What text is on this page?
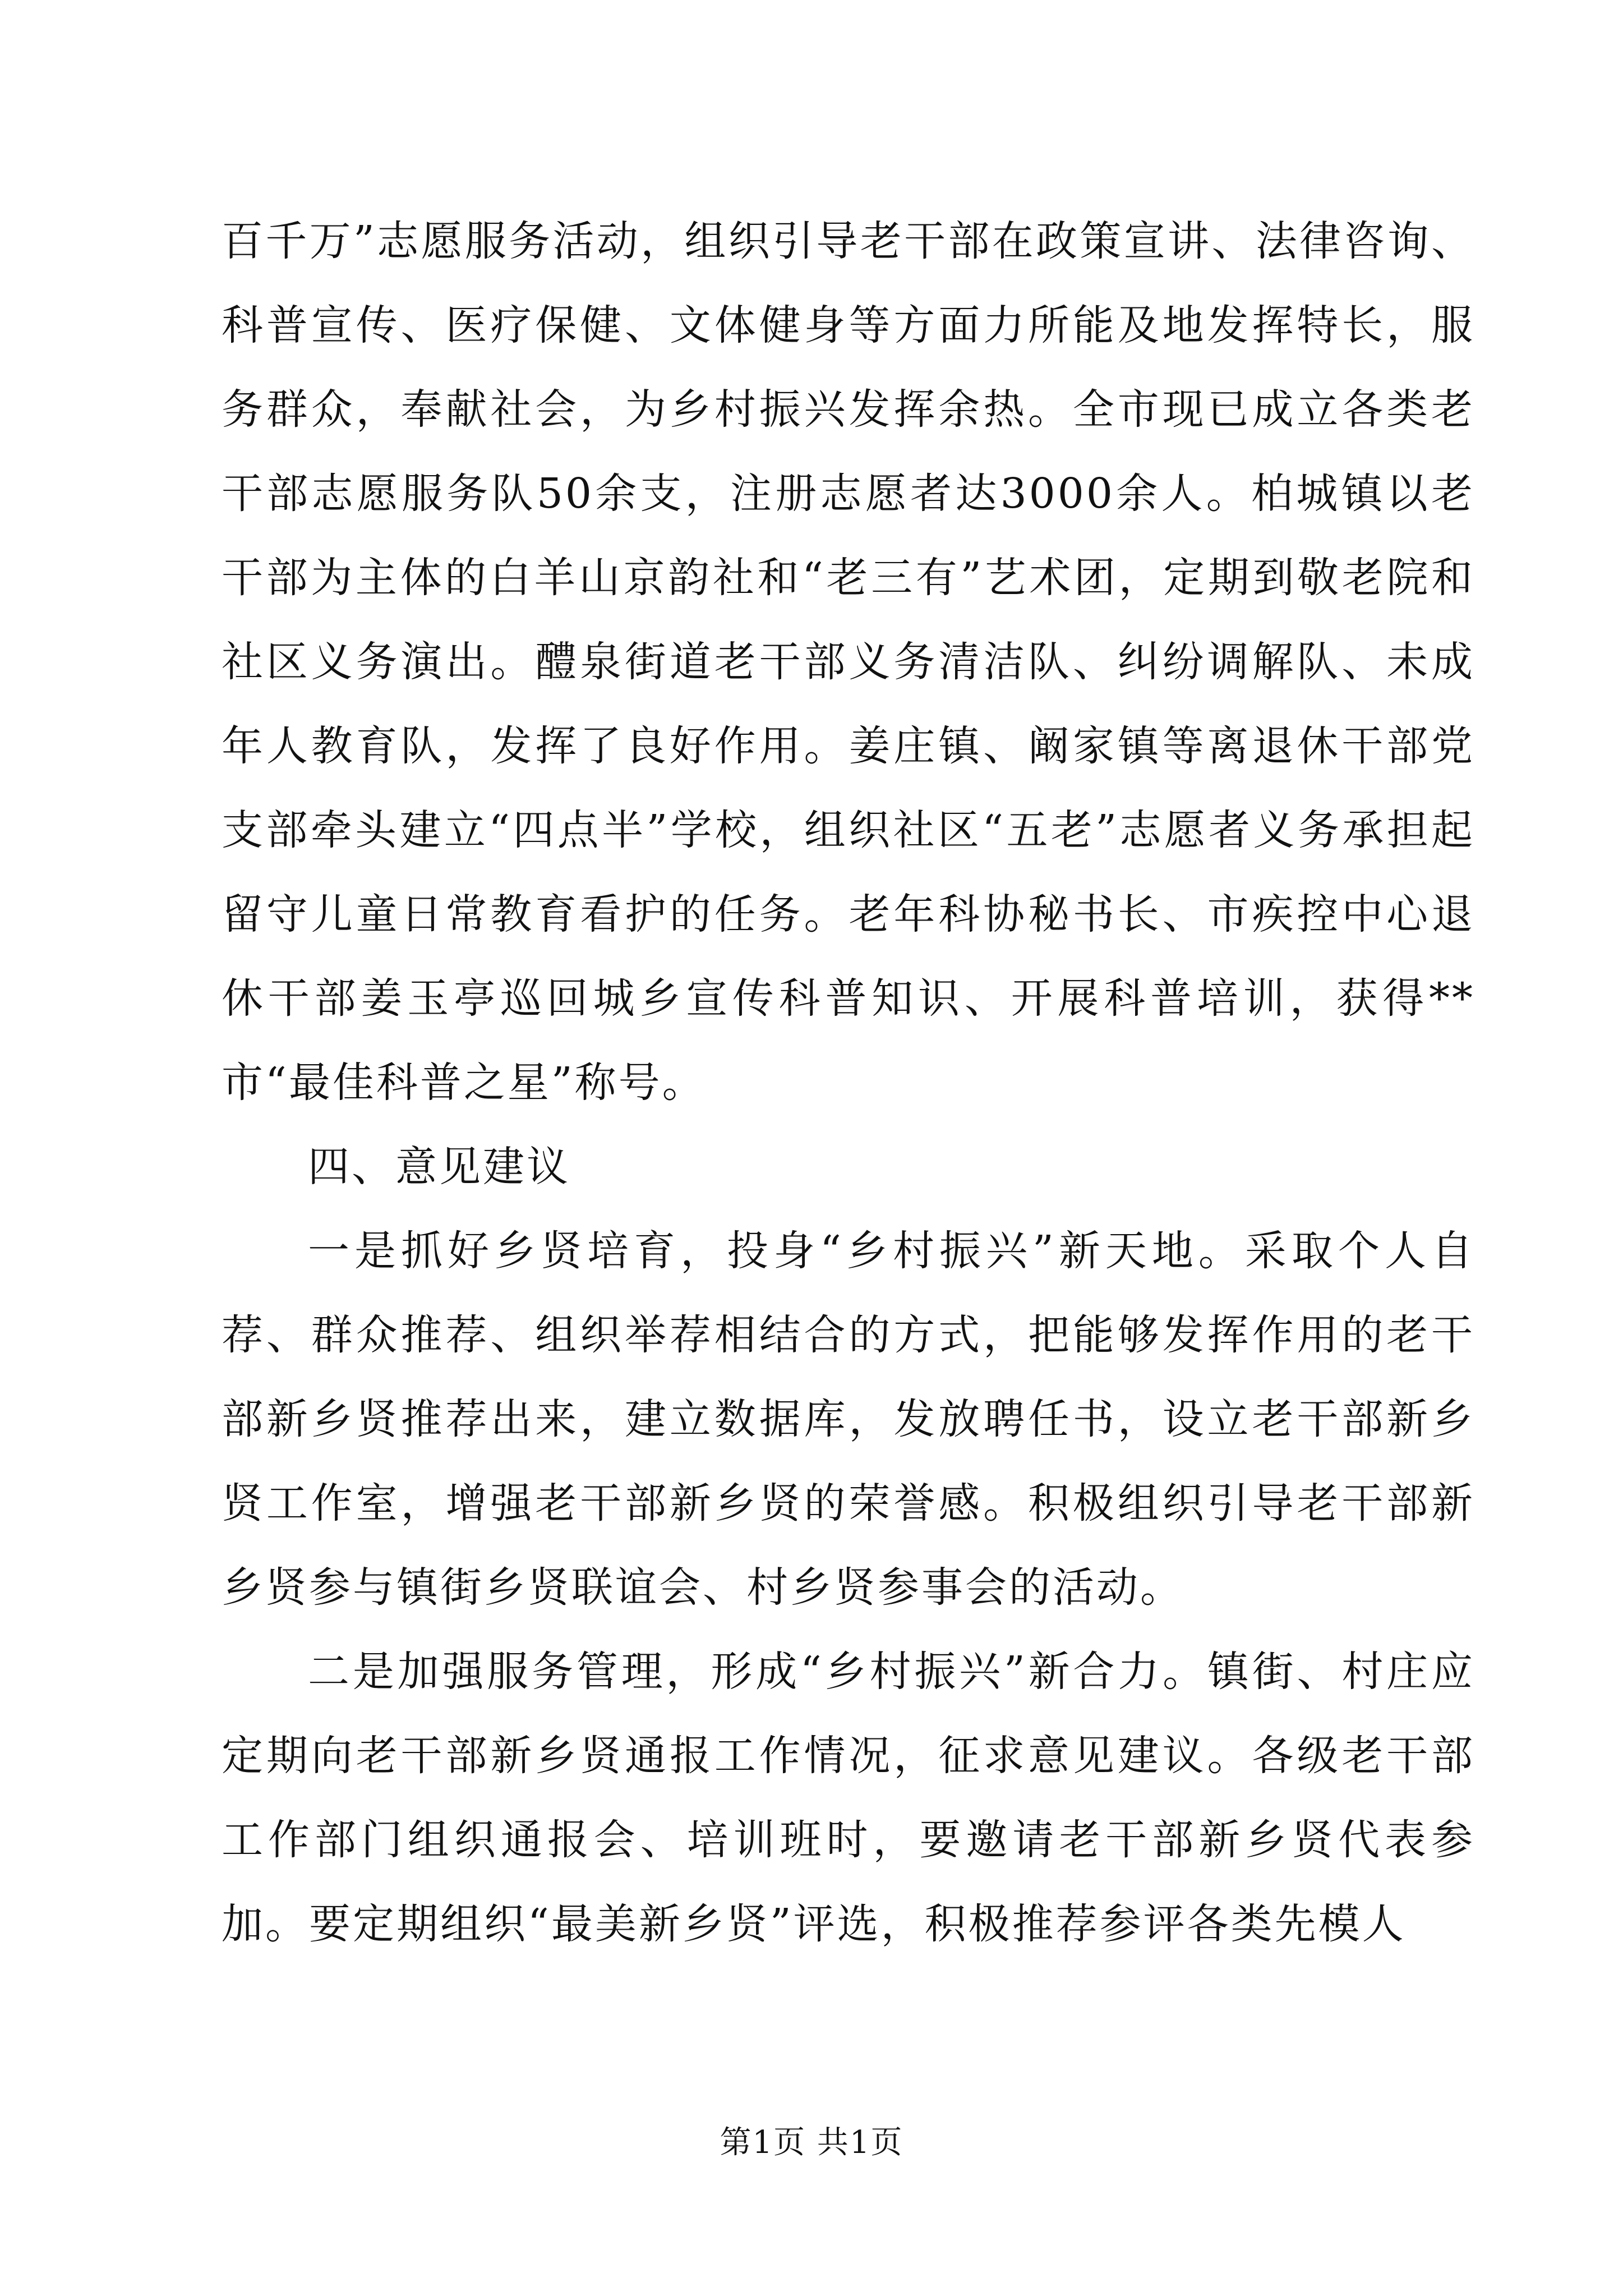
百千万”志愿服务活动，组织引导老干部在政策宣讲、法律咨询、科普宣传、医疗保健、文体健身等方面力所能及地发挥特长，服务群众，奉献社会，为乡村振兴发挥余热。全市现已成立各类老干部志愿服务队50余支，注册志愿者达3000余人。柏城镇以老干部为主体的白羊山京韵社和“老三有”艺术团，定期到敬老院和社区义务演出。醴泉街道老干部义务清洁队、纠纷调解队、未成年人教育队，发挥了良好作用。姜庄镇、阚家镇等离退休干部党支部牵头建立“四点半”学校，组织社区“五老”志愿者义务承担起留守儿童日常教育看护的任务。老年科协秘书长、市疾控中心退休干部姜玉亭巡回城乡宣传科普知识、开展科普培训，获得**市“最佳科普之星”称号。

四、意见建议

一是抓好乡贤培育，投身“乡村振兴”新天地。采取个人自荐、群众推荐、组织举荐相结合的方式，把能够发挥作用的老干部新乡贤推荐出来，建立数据库，发放聘任书，设立老干部新乡贤工作室，增强老干部新乡贤的荣誉感。积极组织引导老干部新乡贤参与镇街乡贤联谊会、村乡贤参事会的活动。

二是加强服务管理，形成“乡村振兴”新合力。镇街、村庄应定期向老干部新乡贤通报工作情况，征求意见建议。各级老干部工作部门组织通报会、培训班时，要邀请老干部新乡贤代表参加。要定期组织“最美新乡贤”评选，积极推荐参评各类先模人

第1页 共1页
